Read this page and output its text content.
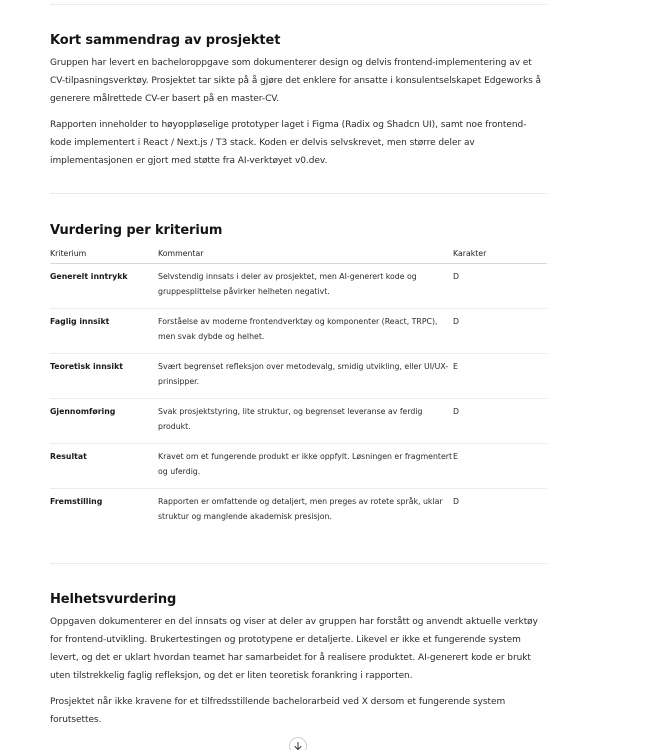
Kort sammendrag av prosjektet

Gruppen har levert en bacheloroppgave som dokumenterer design og delvis frontend-implementering av et CV-tilpasningsverktøy. Prosjektet tar sikte på å gjøre det enklere for ansatte i konsulentselskapet Edgeworks å generere målrettede CV-er basert på en master-CV.

Rapporten inneholder to høyoppløselige prototyper laget i Figma (Radix og Shadcn UI), samt noe frontend-kode implementert i React / Next.js / T3 stack. Koden er delvis selvskrevet, men større deler av implementasjonen er gjort med støtte fra AI-verktøyet v0.dev.

Vurdering per kriterium
Kriterium	Kommentar	Karakter
Generelt inntrykk	Selvstendig innsats i deler av prosjektet, men AI-generert kode og gruppesplittelse påvirker helheten negativt.	D
Faglig innsikt	Forståelse av moderne frontendverktøy og komponenter (React, TRPC), men svak dybde og helhet.	D
Teoretisk innsikt	Svært begrenset refleksjon over metodevalg, smidig utvikling, eller UI/UX-prinsipper.	E
Gjennomføring	Svak prosjektstyring, lite struktur, og begrenset leveranse av ferdig produkt.	D
Resultat	Kravet om et fungerende produkt er ikke oppfylt. Løsningen er fragmentert og uferdig.	E
Fremstilling	Rapporten er omfattende og detaljert, men preges av rotete språk, uklar struktur og manglende akademisk presisjon.	D
Helhetsvurdering

Oppgaven dokumenterer en del innsats og viser at deler av gruppen har forstått og anvendt aktuelle verktøy for frontend-utvikling. Brukertestingen og prototypene er detaljerte. Likevel er ikke et fungerende system levert, og det er uklart hvordan teamet har samarbeidet for å realisere produktet. AI-generert kode er brukt uten tilstrekkelig faglig refleksjon, og det er liten teoretisk forankring i rapporten.

Prosjektet når ikke kravene for et tilfredsstillende bachelorarbeid ved X dersom et fungerende system forutsettes.
